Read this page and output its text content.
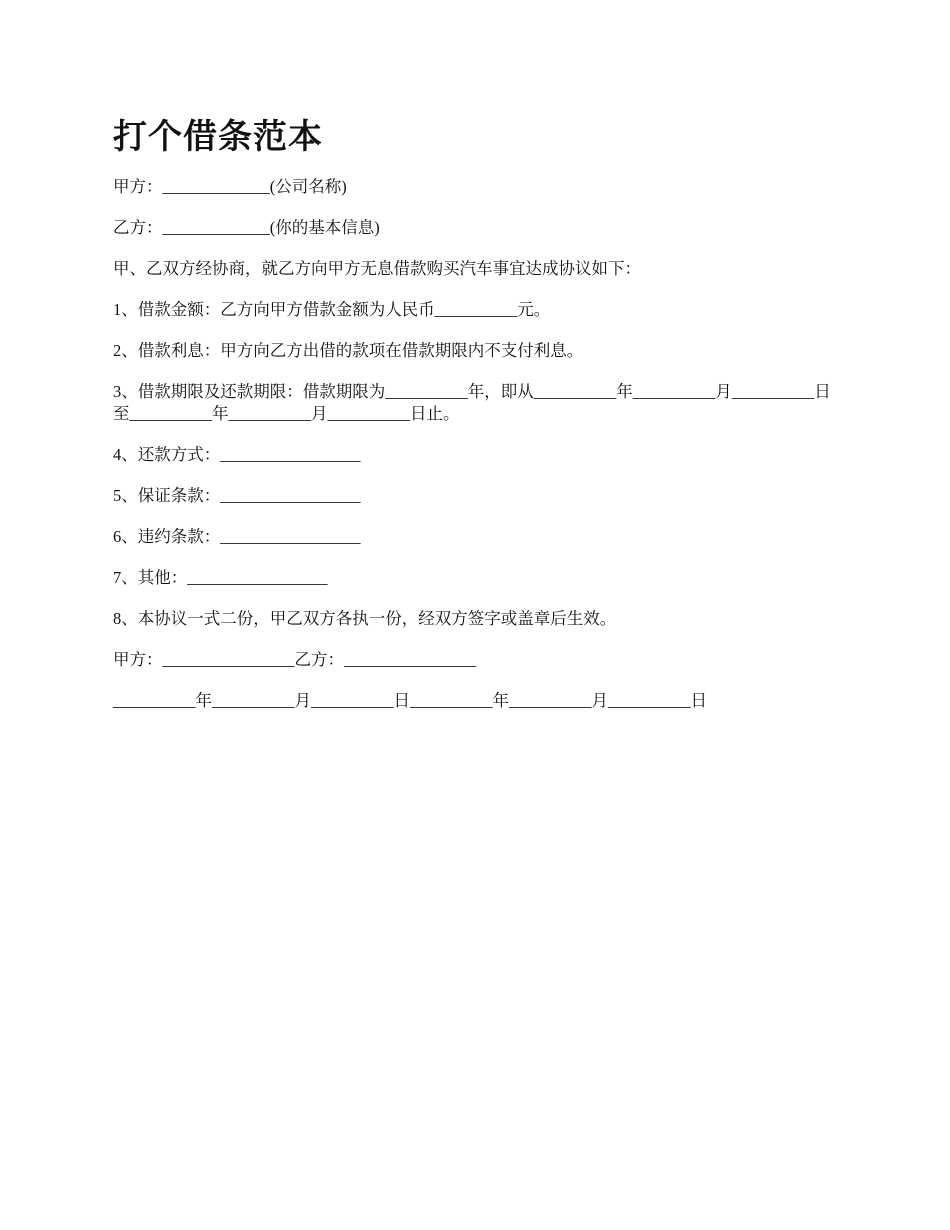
打个借条范本

甲方：_____________(公司名称)

乙方：_____________(你的基本信息)

甲、乙双方经协商，就乙方向甲方无息借款购买汽车事宜达成协议如下：

1、借款金额：乙方向甲方借款金额为人民币__________元。

2、借款利息：甲方向乙方出借的款项在借款期限内不支付利息。

3、借款期限及还款期限：借款期限为__________年，即从__________年__________月__________日至__________年__________月__________日止。

4、还款方式：_________________

5、保证条款：_________________

6、违约条款：_________________

7、其他：_________________

8、本协议一式二份，甲乙双方各执一份，经双方签字或盖章后生效。

甲方：________________乙方：________________

__________年__________月__________日__________年__________月__________日
